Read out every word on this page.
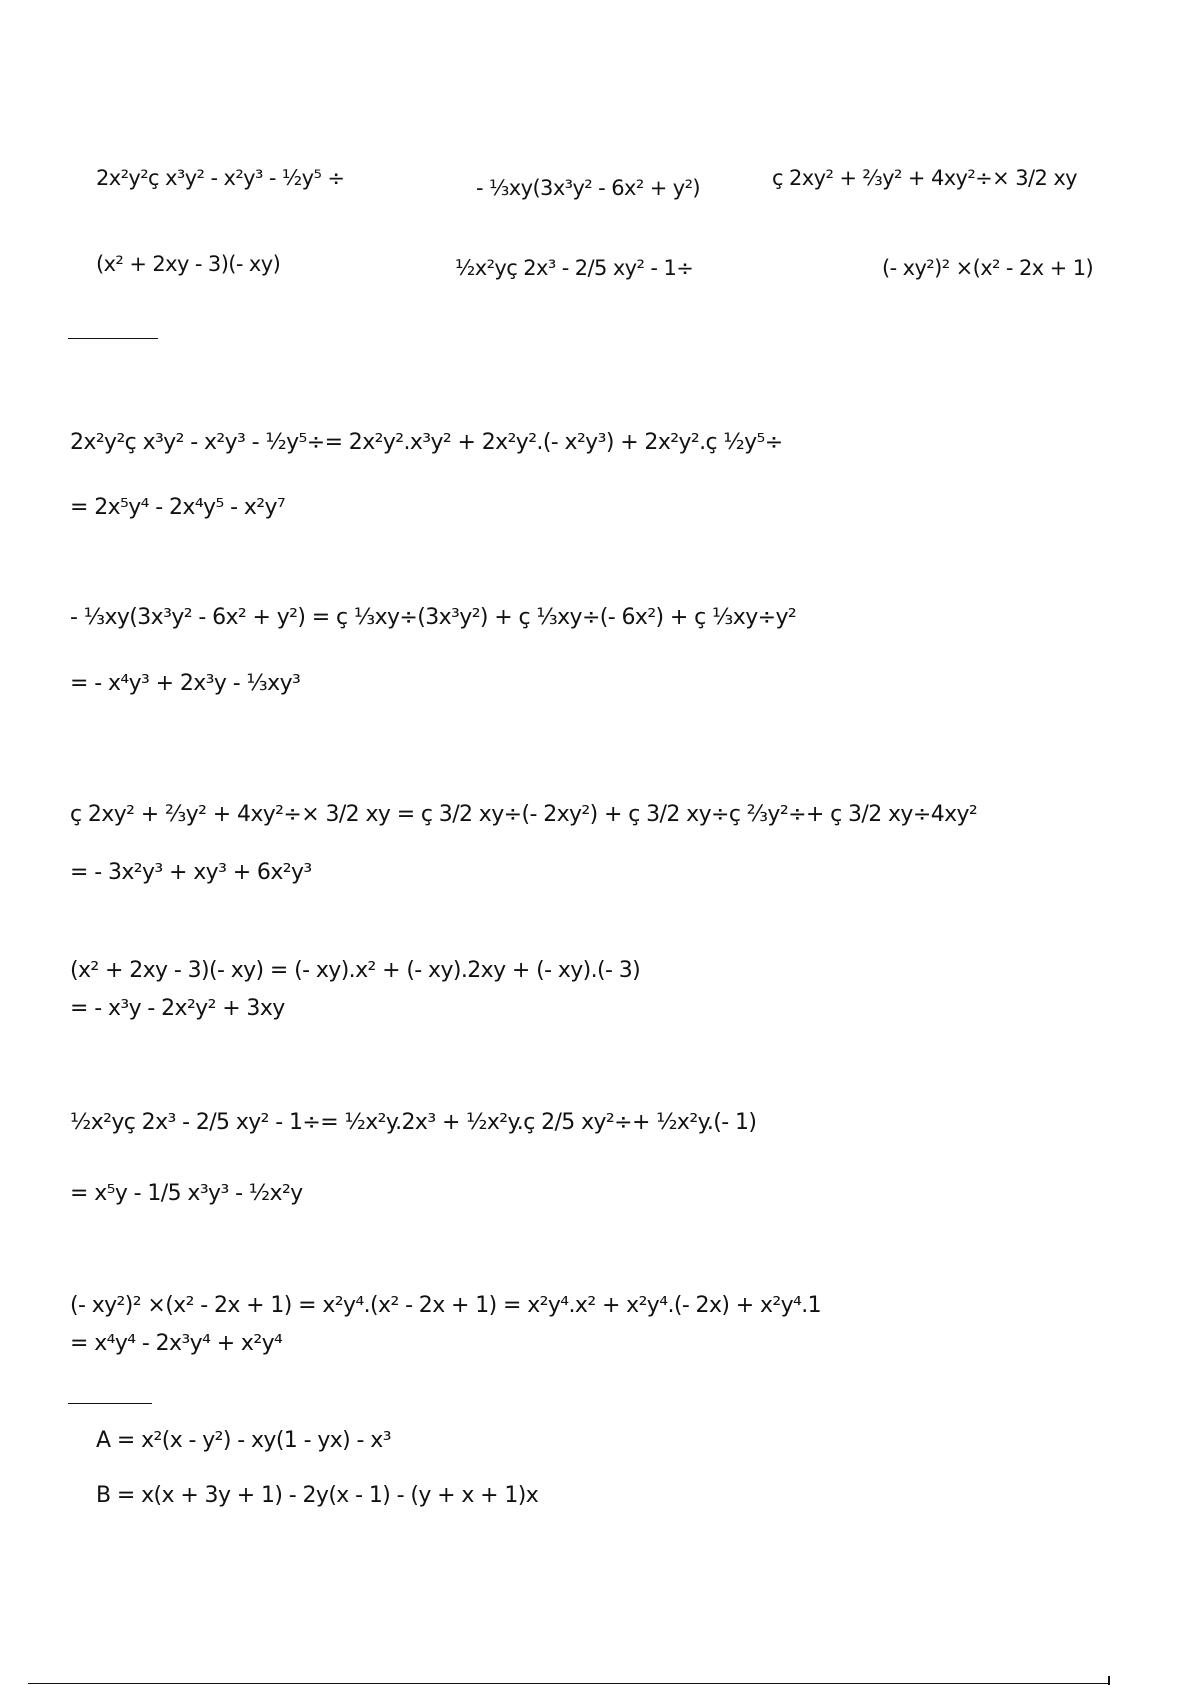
2x²y²ç x³y² - x²y³ - ½y⁵ ÷	- ⅓xy(3x³y² - 6x² + y²)	ç 2xy² + ⅔y² + 4xy²÷× 3/2 xy
(x² + 2xy - 3)(- xy)	½x²yç 2x³ - 2/5 xy² - 1÷	(- xy²)² ×(x² - 2x + 1)
2x²y²ç x³y² - x²y³ - ½y⁵÷= 2x²y².x³y² + 2x²y².(- x²y³) + 2x²y².ç ½y⁵÷
= 2x⁵y⁴ - 2x⁴y⁵ - x²y⁷
- ⅓xy(3x³y² - 6x² + y²) = ç ⅓xy÷(3x³y²) + ç ⅓xy÷(- 6x²) + ç ⅓xy÷y²
= - x⁴y³ + 2x³y - ⅓xy³
ç 2xy² + ⅔y² + 4xy²÷× 3/2 xy = ç 3/2 xy÷(- 2xy²) + ç 3/2 xy÷ç ⅔y²÷+ ç 3/2 xy÷4xy²
= - 3x²y³ + xy³ + 6x²y³
(x² + 2xy - 3)(- xy) = (- xy).x² + (- xy).2xy + (- xy).(- 3)
= - x³y - 2x²y² + 3xy
½x²yç 2x³ - 2/5 xy² - 1÷= ½x²y.2x³ + ½x²y.ç 2/5 xy²÷+ ½x²y.(- 1)
= x⁵y - 1/5 x³y³ - ½x²y
(- xy²)² ×(x² - 2x + 1) = x²y⁴.(x² - 2x + 1) = x²y⁴.x² + x²y⁴.(- 2x) + x²y⁴.1
= x⁴y⁴ - 2x³y⁴ + x²y⁴
A = x²(x - y²) - xy(1 - yx) - x³
B = x(x + 3y + 1) - 2y(x - 1) - (y + x + 1)x
